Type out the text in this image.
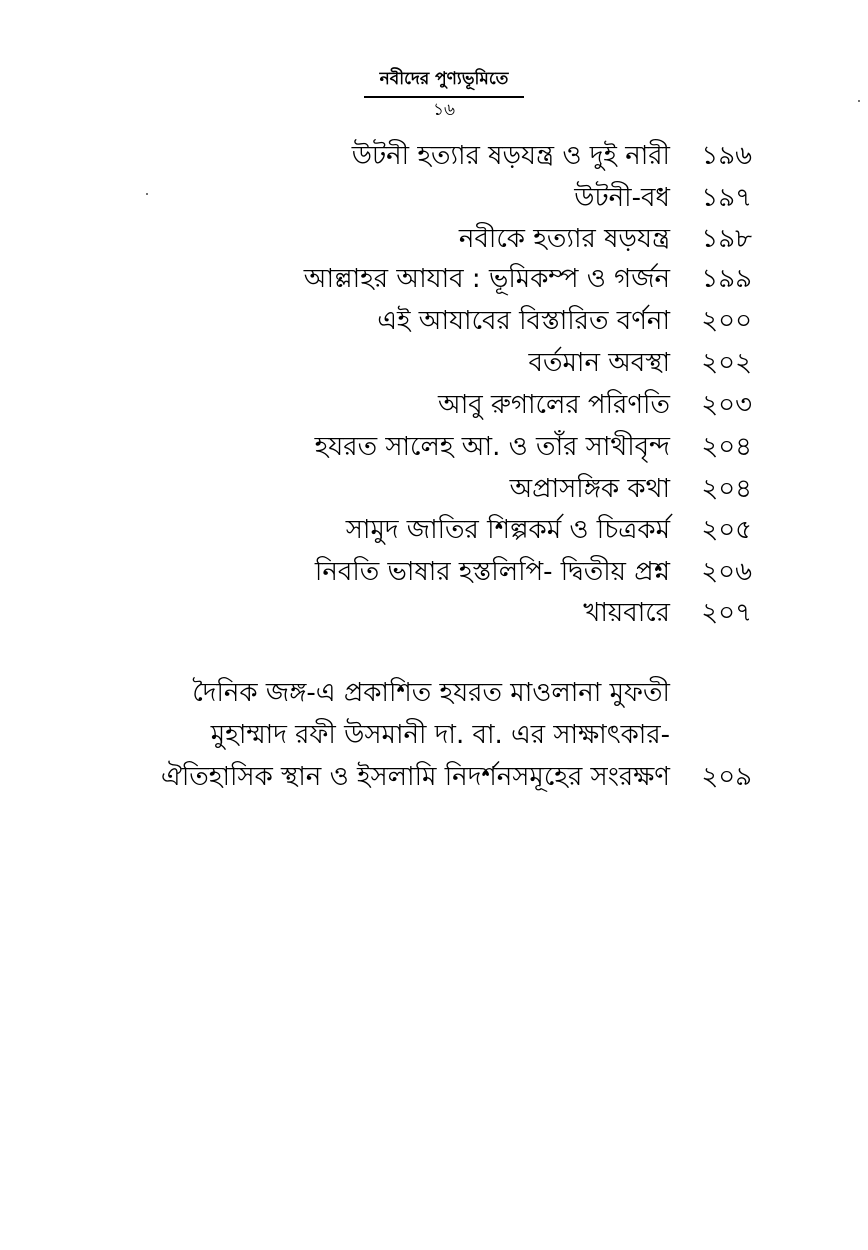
নবীদের পুণ্যভূমিতে
১৬
উটনী হত্যার ষড়যন্ত্র ও দুই নারী ১৯৬
উটনী-বধ ১৯৭
নবীকে হত্যার ষড়যন্ত্র ১৯৮
আল্লাহর আযাব : ভূমিকম্প ও গর্জন ১৯৯
এই আযাবের বিস্তারিত বর্ণনা ২০০
বর্তমান অবস্থা ২০২
আবু রুগালের পরিণতি ২০৩
হযরত সালেহ আ. ও তাঁর সাথীবৃন্দ ২০৪
অপ্রাসঙ্গিক কথা ২০৪
সামুদ জাতির শিল্পকর্ম ও চিত্রকর্ম ২০৫
নিবতি ভাষার হস্তলিপি- দ্বিতীয় প্রশ্ন ২০৬
খায়বারে ২০৭
দৈনিক জঙ্গ-এ প্রকাশিত হযরত মাওলানা মুফতী
মুহাম্মাদ রফী উসমানী দা. বা. এর সাক্ষাৎকার-
ঐতিহাসিক স্থান ও ইসলামি নিদর্শনসমূহের সংরক্ষণ ২০৯
